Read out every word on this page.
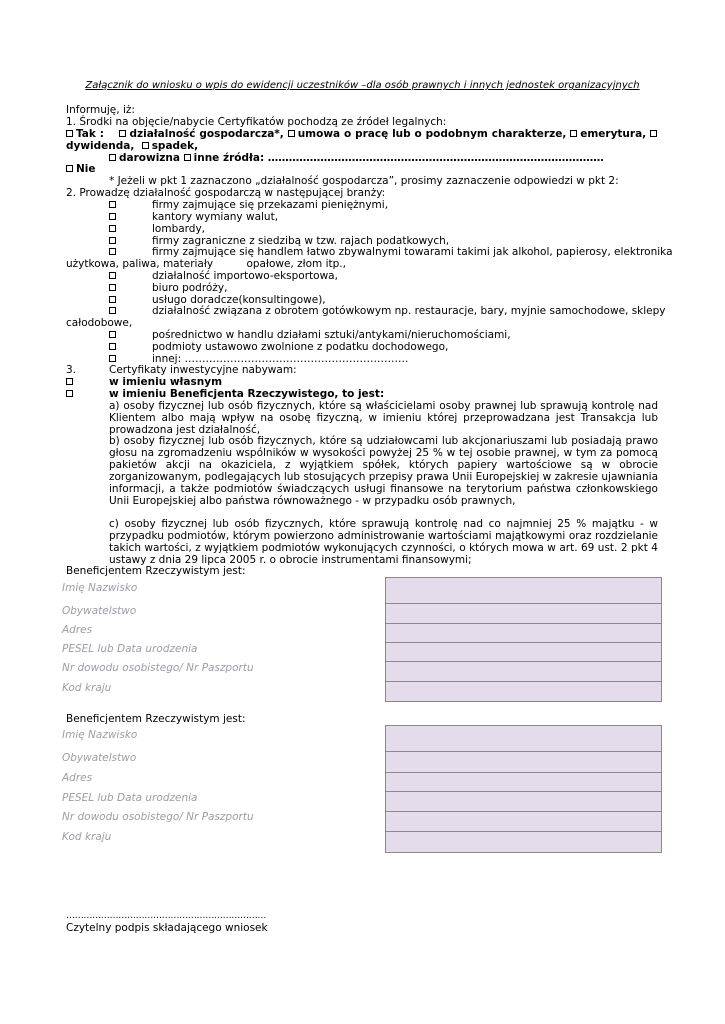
Załącznik do wniosku o wpis do ewidencji uczestników –dla osób prawnych i innych jednostek organizacyjnych
Informuję, iż:
1. Środki na objęcie/nabycie Certyfikatów pochodzą ze źródeł legalnych:
Tak : działalność gospodarcza*, umowa o pracę lub o podobnym charakterze, emerytura,  dywidenda, spadek,
darowizna inne źródła: ……………………………………………………………………………………
Nie
* Jeżeli w pkt 1 zaznaczono „działalność gospodarcza”, prosimy zaznaczenie odpowiedzi w pkt 2:
2. Prowadzę działalność gospodarczą w następującej branży:
firmy zajmujące się przekazami pieniężnymi,
kantory wymiany walut,
lombardy,
firmy zagraniczne z siedzibą w tzw. rajach podatkowych,
firmy zajmujące się handlem łatwo zbywalnymi towarami takimi jak alkohol, papierosy, elektronika
użytkowa, paliwa, materiały          opałowe, złom itp.,
działalność importowo-eksportowa,
biuro podróży,
usługo doradcze(konsultingowe),
działalność związana z obrotem gotówkowym np. restauracje, bary, myjnie samochodowe, sklepy
całodobowe,
pośrednictwo w handlu działami sztuki/antykami/nieruchomościami,
podmioty ustawowo zwolnione z podatku dochodowego,
innej: ……………………………………………………….
3.	Certyfikaty inwestycyjne nabywam:
w imieniu własnym
w imieniu Beneficjenta Rzeczywistego, to jest:
a) osoby fizycznej lub osób fizycznych, które są właścicielami osoby prawnej lub sprawują kontrolę nad Klientem albo mają wpływ na osobę fizyczną, w imieniu której przeprowadzana jest Transakcja lub prowadzona jest działalność,
b) osoby fizycznej lub osób fizycznych, które są udziałowcami lub akcjonariuszami lub posiadają prawo głosu na zgromadzeniu wspólników w wysokości powyżej 25 % w tej osobie prawnej, w tym za pomocą pakietów akcji na okaziciela, z wyjątkiem spółek, których papiery wartościowe są w obrocie zorganizowanym, podlegających lub stosujących przepisy prawa Unii Europejskiej w zakresie ujawniania informacji, a także podmiotów świadczących usługi finansowe na terytorium państwa członkowskiego Unii Europejskiej albo państwa równoważnego - w przypadku osób prawnych,
c) osoby fizycznej lub osób fizycznych, które sprawują kontrolę nad co najmniej 25 % majątku - w przypadku podmiotów, którym powierzono administrowanie wartościami majątkowymi oraz rozdzielanie takich wartości, z wyjątkiem podmiotów wykonujących czynności, o których mowa w art. 69 ust. 2 pkt 4 ustawy z dnia 29 lipca 2005 r. o obrocie instrumentami finansowymi;
Beneficjentem Rzeczywistym jest:
Imię Nazwisko
Obywatelstwo
Adres
PESEL lub Data urodzenia
Nr dowodu osobistego/ Nr Paszportu
Kod kraju
Beneficjentem Rzeczywistym jest:
Imię Nazwisko
Obywatelstwo
Adres
PESEL lub Data urodzenia
Nr dowodu osobistego/ Nr Paszportu
Kod kraju
……………………………………………………………
Czytelny podpis składającego wniosek
